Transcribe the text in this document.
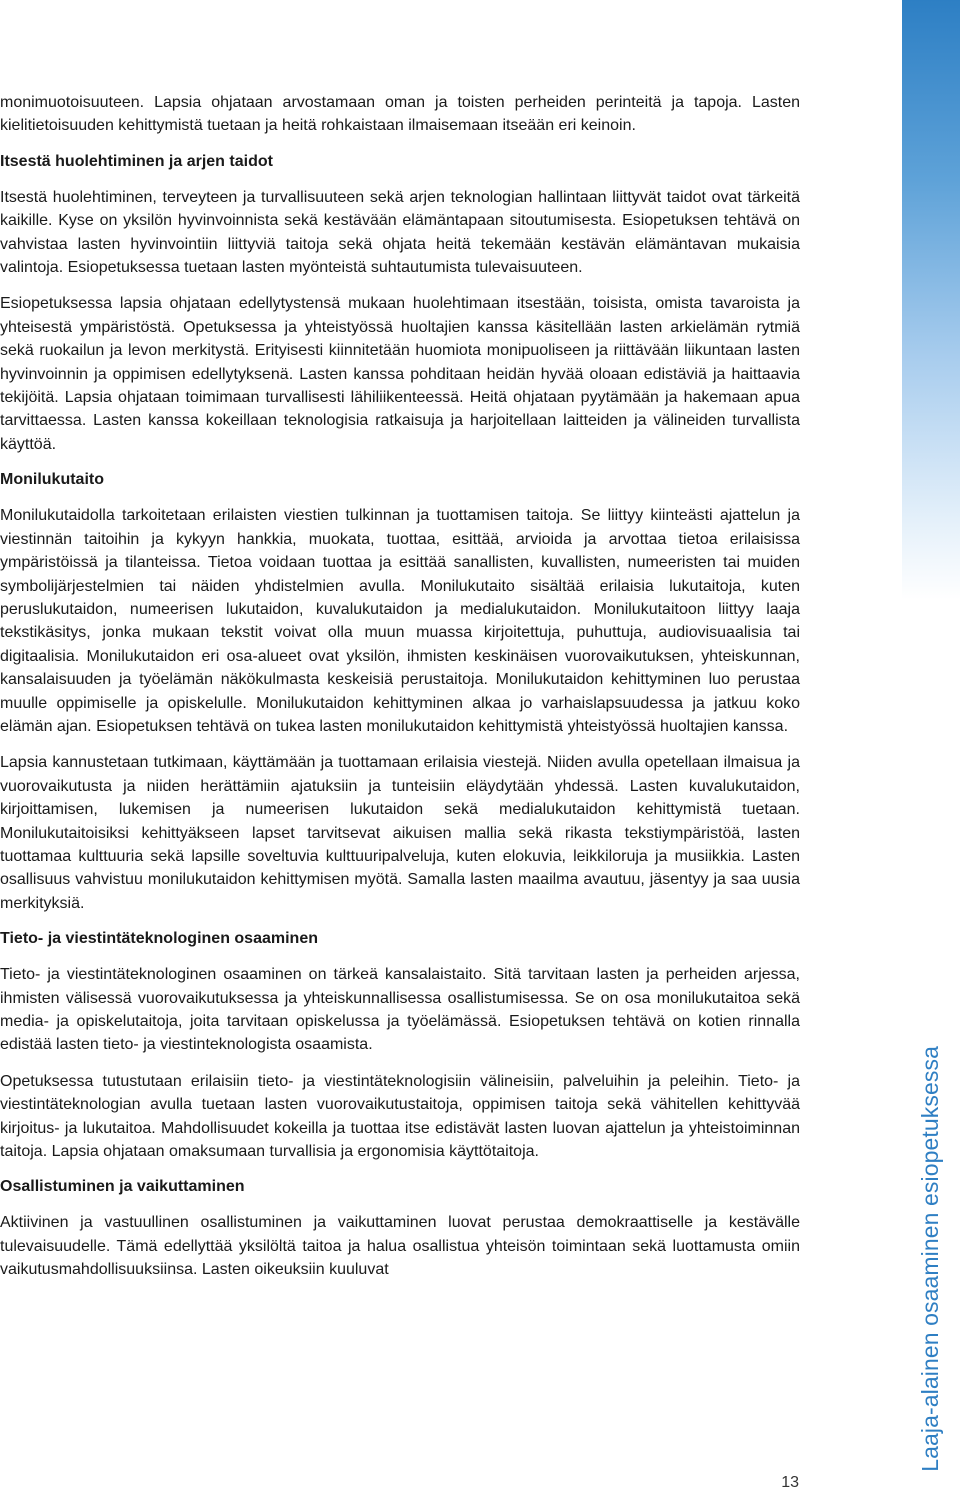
Laaja-alainen osaaminen esiopetuksessa

monimuotoisuuteen. Lapsia ohjataan arvostamaan oman ja toisten perheiden perinteitä ja tapoja. Lasten kielitietoisuuden kehittymistä tuetaan ja heitä rohkaistaan ilmaisemaan itseään eri keinoin.

Itsestä huolehtiminen ja arjen taidot

Itsestä huolehtiminen, terveyteen ja turvallisuuteen sekä arjen teknologian hallintaan liittyvät taidot ovat tärkeitä kaikille. Kyse on yksilön hyvinvoinnista sekä kestävään elämäntapaan sitoutumisesta. Esiopetuksen tehtävä on vahvistaa lasten hyvinvointiin liittyviä taitoja sekä ohjata heitä tekemään kestävän elämäntavan mukaisia valintoja. Esiopetuksessa tuetaan lasten myönteistä suhtautumista tulevaisuuteen.

Esiopetuksessa lapsia ohjataan edellytystensä mukaan huolehtimaan itsestään, toisista, omista tavaroista ja yhteisestä ympäristöstä. Opetuksessa ja yhteistyössä huoltajien kanssa käsitellään lasten arkielämän rytmiä sekä ruokailun ja levon merkitystä. Erityisesti kiinnitetään huomiota monipuoliseen ja riittävään liikuntaan lasten hyvinvoinnin ja oppimisen edellytyksenä. Lasten kanssa pohditaan heidän hyvää oloaan edistäviä ja haittaavia tekijöitä. Lapsia ohjataan toimimaan turvallisesti lähiliikenteessä. Heitä ohjataan pyytämään ja hakemaan apua tarvittaessa. Lasten kanssa kokeillaan teknologisia ratkaisuja ja harjoitellaan laitteiden ja välineiden turvallista käyttöä.

Monilukutaito

Monilukutaidolla tarkoitetaan erilaisten viestien tulkinnan ja tuottamisen taitoja. Se liittyy kiinteästi ajattelun ja viestinnän taitoihin ja kykyyn hankkia, muokata, tuottaa, esittää, arvioida ja arvottaa tietoa erilaisissa ympäristöissä ja tilanteissa. Tietoa voidaan tuottaa ja esittää sanallisten, kuvallisten, numeeristen tai muiden symbolijärjestelmien tai näiden yhdistelmien avulla. Monilukutaito sisältää erilaisia lukutaitoja, kuten peruslukutaidon, numeerisen lukutaidon, kuvalukutaidon ja medialukutaidon. Monilukutaitoon liittyy laaja tekstikäsitys, jonka mukaan tekstit voivat olla muun muassa kirjoitettuja, puhuttuja, audiovisuaalisia tai digitaalisia. Monilukutaidon eri osa-alueet ovat yksilön, ihmisten keskinäisen vuorovaikutuksen, yhteiskunnan, kansalaisuuden ja työelämän näkökulmasta keskeisiä perustaitoja. Monilukutaidon kehittyminen luo perustaa muulle oppimiselle ja opiskelulle. Monilukutaidon kehittyminen alkaa jo varhaislapsuudessa ja jatkuu koko elämän ajan. Esiopetuksen tehtävä on tukea lasten monilukutaidon kehittymistä yhteistyössä huoltajien kanssa.

Lapsia kannustetaan tutkimaan, käyttämään ja tuottamaan erilaisia viestejä. Niiden avulla opetellaan ilmaisua ja vuorovaikutusta ja niiden herättämiin ajatuksiin ja tunteisiin eläydytään yhdessä. Lasten kuvalukutaidon, kirjoittamisen, lukemisen ja numeerisen lukutaidon sekä medialukutaidon kehittymistä tuetaan. Monilukutaitoisiksi kehittyäkseen lapset tarvitsevat aikuisen mallia sekä rikasta tekstiympäristöä, lasten tuottamaa kulttuuria sekä lapsille soveltuvia kulttuuripalveluja, kuten elokuvia, leikkiloruja ja musiikkia. Lasten osallisuus vahvistuu monilukutaidon kehittymisen myötä. Samalla lasten maailma avautuu, jäsentyy ja saa uusia merkityksiä.

Tieto- ja viestintäteknologinen osaaminen

Tieto- ja viestintäteknologinen osaaminen on tärkeä kansalaistaito. Sitä tarvitaan lasten ja perheiden arjessa, ihmisten välisessä vuorovaikutuksessa ja yhteiskunnallisessa osallistumisessa. Se on osa monilukutaitoa sekä media- ja opiskelutaitoja, joita tarvitaan opiskelussa ja työelämässä. Esiopetuksen tehtävä on kotien rinnalla edistää lasten tieto- ja viestinteknologista osaamista.

Opetuksessa tutustutaan erilaisiin tieto- ja viestintäteknologisiin välineisiin, palveluihin ja peleihin. Tieto- ja viestintäteknologian avulla tuetaan lasten vuorovaikutustaitoja, oppimisen taitoja sekä vähitellen kehittyvää kirjoitus- ja lukutaitoa. Mahdollisuudet kokeilla ja tuottaa itse edistävät lasten luovan ajattelun ja yhteistoiminnan taitoja. Lapsia ohjataan omaksumaan turvallisia ja ergonomisia käyttötaitoja.

Osallistuminen ja vaikuttaminen

Aktiivinen ja vastuullinen osallistuminen ja vaikuttaminen luovat perustaa demokraattiselle ja kestävälle tulevaisuudelle. Tämä edellyttää yksilöltä taitoa ja halua osallistua yhteisön toimintaan sekä luottamusta omiin vaikutusmahdollisuuksiinsa. Lasten oikeuksiin kuuluvat

13
